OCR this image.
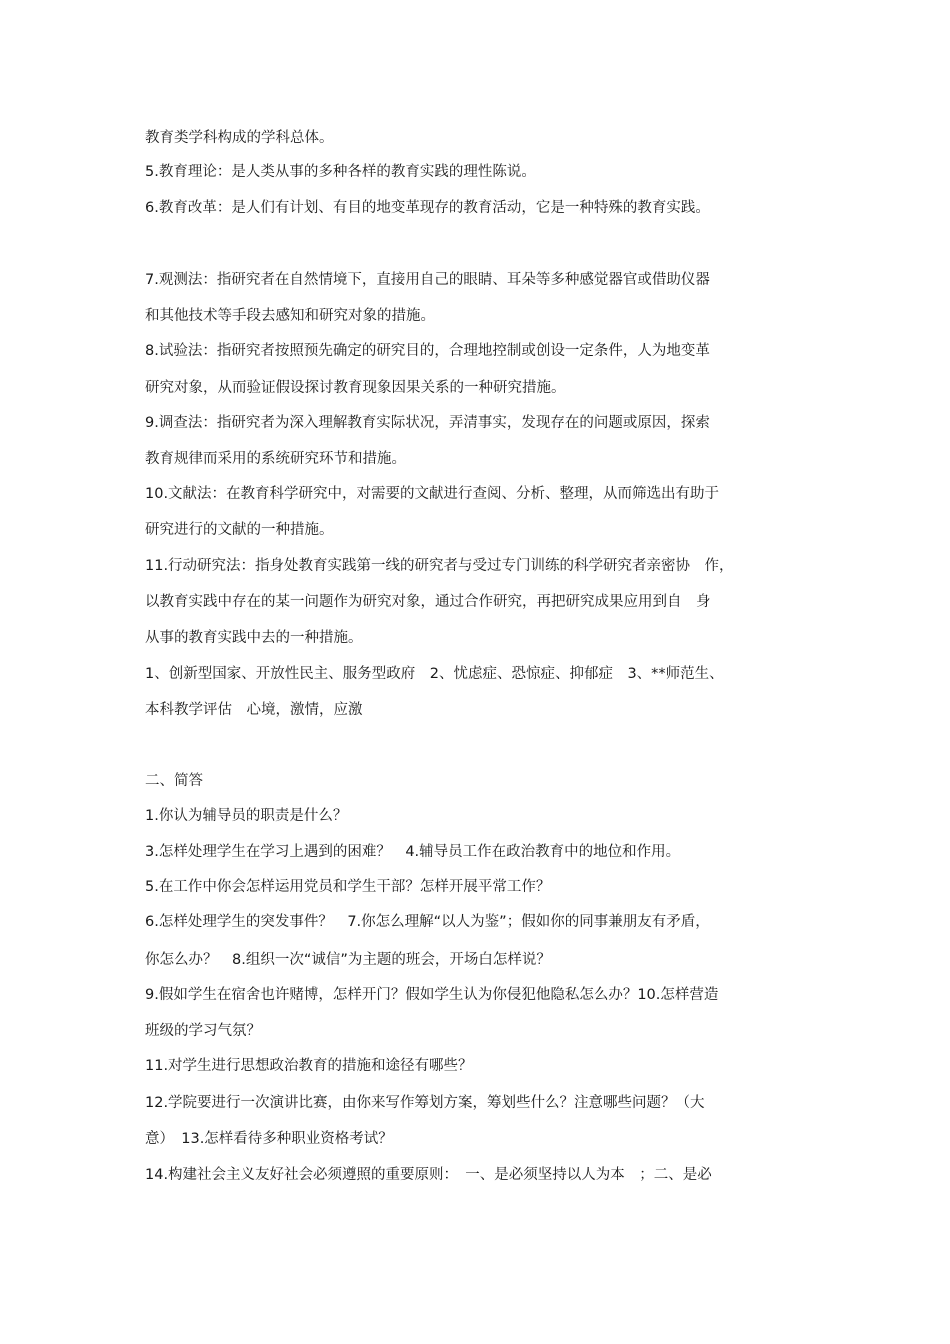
教育类学科构成的学科总体。
5.教育理论：是人类从事的多种各样的教育实践的理性陈说。
6.教育改革：是人们有计划、有目的地变革现存的教育活动，它是一种特殊的教育实践。
7.观测法：指研究者在自然情境下，直接用自己的眼睛、耳朵等多种感觉器官或借助仪器
和其他技术等手段去感知和研究对象的措施。
8.试验法：指研究者按照预先确定的研究目的，合理地控制或创设一定条件，人为地变革
研究对象，从而验证假设探讨教育现象因果关系的一种研究措施。
9.调查法：指研究者为深入理解教育实际状况，弄清事实，发现存在的问题或原因，探索
教育规律而采用的系统研究环节和措施。
10.文献法：在教育科学研究中，对需要的文献进行查阅、分析、整理，从而筛选出有助于
研究进行的文献的一种措施。
11.行动研究法：指身处教育实践第一线的研究者与受过专门训练的科学研究者亲密协　作，
以教育实践中存在的某一问题作为研究对象，通过合作研究，再把研究成果应用到自　身
从事的教育实践中去的一种措施。
1、创新型国家、开放性民主、服务型政府　2、忧虑症、恐惊症、抑郁症　3、**师范生、
本科教学评估　心境，激情，应激
二、简答
1.你认为辅导员的职责是什么？
3.怎样处理学生在学习上遇到的困难？　4.辅导员工作在政治教育中的地位和作用。
5.在工作中你会怎样运用党员和学生干部？怎样开展平常工作？
6.怎样处理学生的突发事件？　7.你怎么理解“以人为鉴”；假如你的同事兼朋友有矛盾，
你怎么办？　8.组织一次“诚信”为主题的班会，开场白怎样说？
9.假如学生在宿舍也许赌博，怎样开门？假如学生认为你侵犯他隐私怎么办？10.怎样营造
班级的学习气氛？
11.对学生进行思想政治教育的措施和途径有哪些？
12.学院要进行一次演讲比赛，由你来写作筹划方案，筹划些什么？注意哪些问题？（大
意）　13.怎样看待多种职业资格考试？
14.构建社会主义友好社会必须遵照的重要原则：　一、是必须坚持以人为本　；二、是必
